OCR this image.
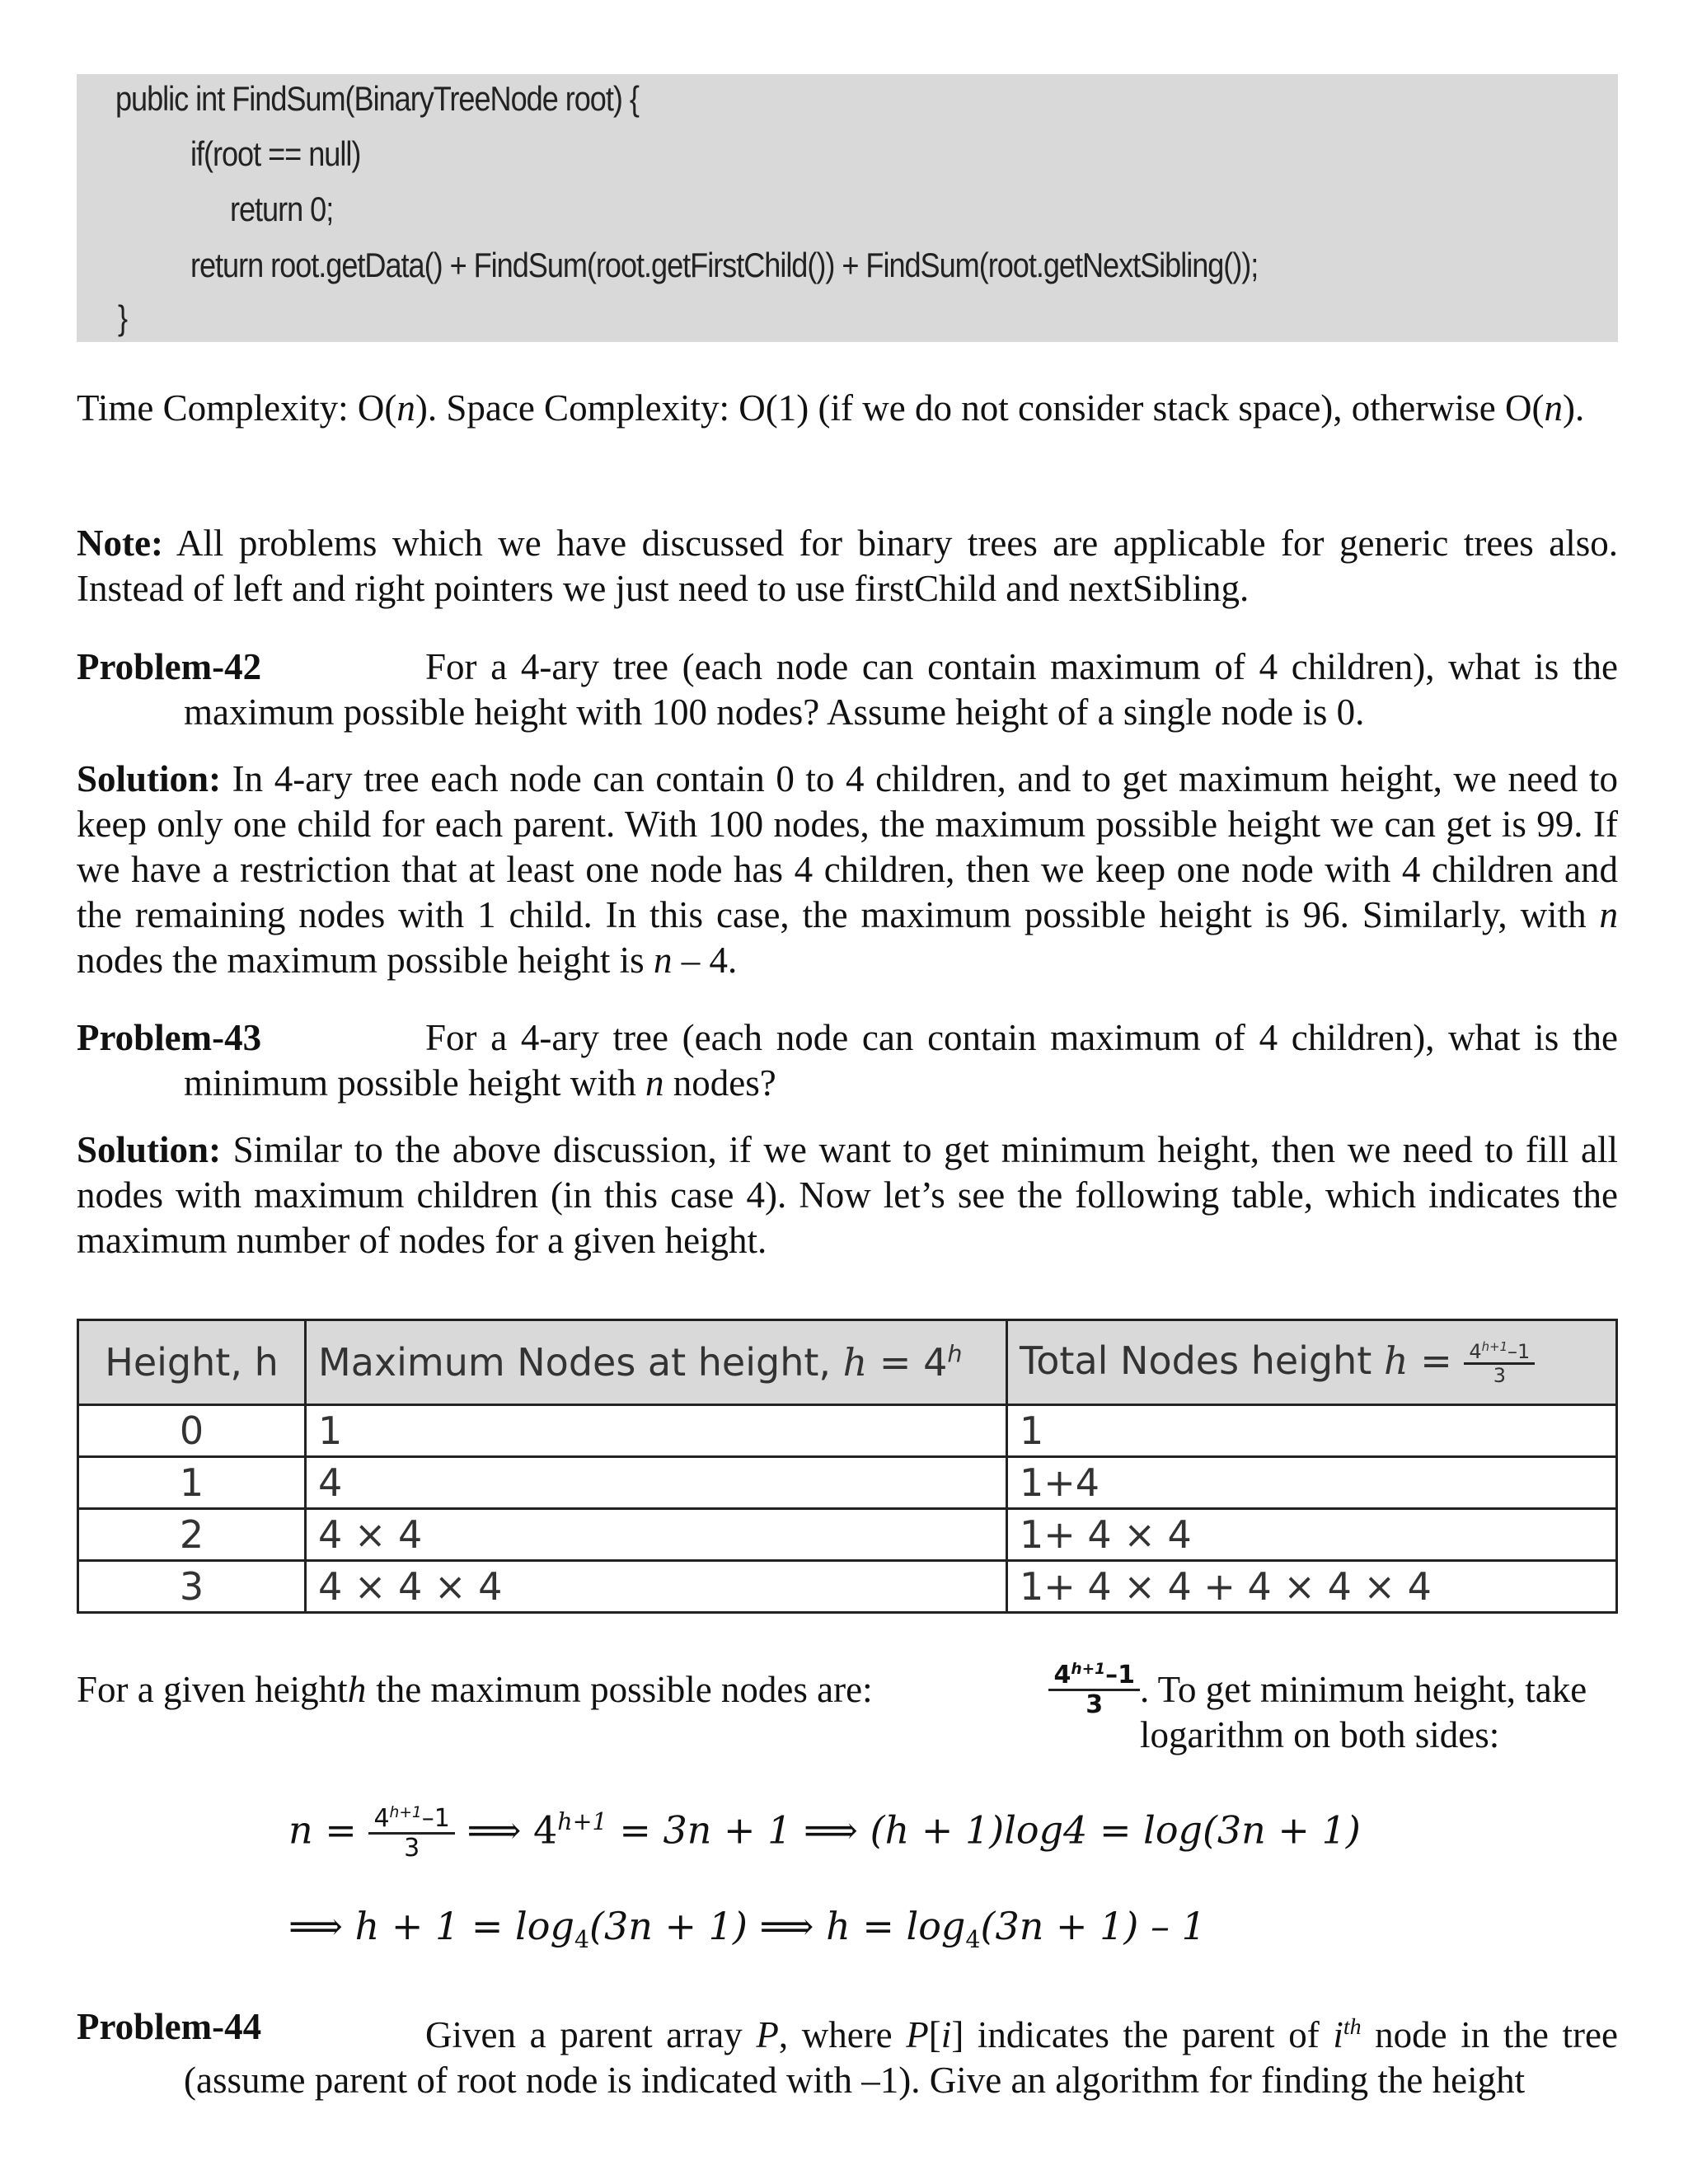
public int FindSum(BinaryTreeNode root) {
if(root == null)
return 0;
return root.getData() + FindSum(root.getFirstChild()) + FindSum(root.getNextSibling());
}

Time Complexity: O(n). Space Complexity: O(1) (if we do not consider stack space), otherwise O(n).

Note: All problems which we have discussed for binary trees are applicable for generic trees also. Instead of left and right pointers we just need to use firstChild and nextSibling.

Problem-42	For a 4-ary tree (each node can contain maximum of 4 children), what is the maximum possible height with 100 nodes? Assume height of a single node is 0.

Solution: In 4-ary tree each node can contain 0 to 4 children, and to get maximum height, we need to keep only one child for each parent. With 100 nodes, the maximum possible height we can get is 99. If we have a restriction that at least one node has 4 children, then we keep one node with 4 children and the remaining nodes with 1 child. In this case, the maximum possible height is 96. Similarly, with n nodes the maximum possible height is n – 4.

Problem-43	For a 4-ary tree (each node can contain maximum of 4 children), what is the minimum possible height with n nodes?

Solution: Similar to the above discussion, if we want to get minimum height, then we need to fill all nodes with maximum children (in this case 4). Now let’s see the following table, which indicates the maximum number of nodes for a given height.

Height, h	Maximum Nodes at height, $h = 4^h$	Total Nodes height $h = \frac{4^{h+1}-1}{3}$

0	1	1
1	4	1+4
2	4 × 4	1+ 4 × 4
3	4 × 4 × 4	1+ 4 × 4 + 4 × 4 × 4
For a given height h the maximum possible nodes are:	$\frac{4^{h+1}-1}{3}$ . To get minimum height, take logarithm on both sides:
$n = \frac{4^{h+1}-1}{3}$ ⟹ $4^{h+1} = 3n + 1$ ⟹ (h + 1)log4 = log(3n + 1)
⟹ $h + 1 = \log_4(3n + 1)$ ⟹ $h = \log_4(3n + 1) - 1$
Problem-44	Given a parent array P, where P[i] indicates the parent of $i^{th}$ node in the tree (assume parent of root node is indicated with –1). Give an algorithm for finding the height
